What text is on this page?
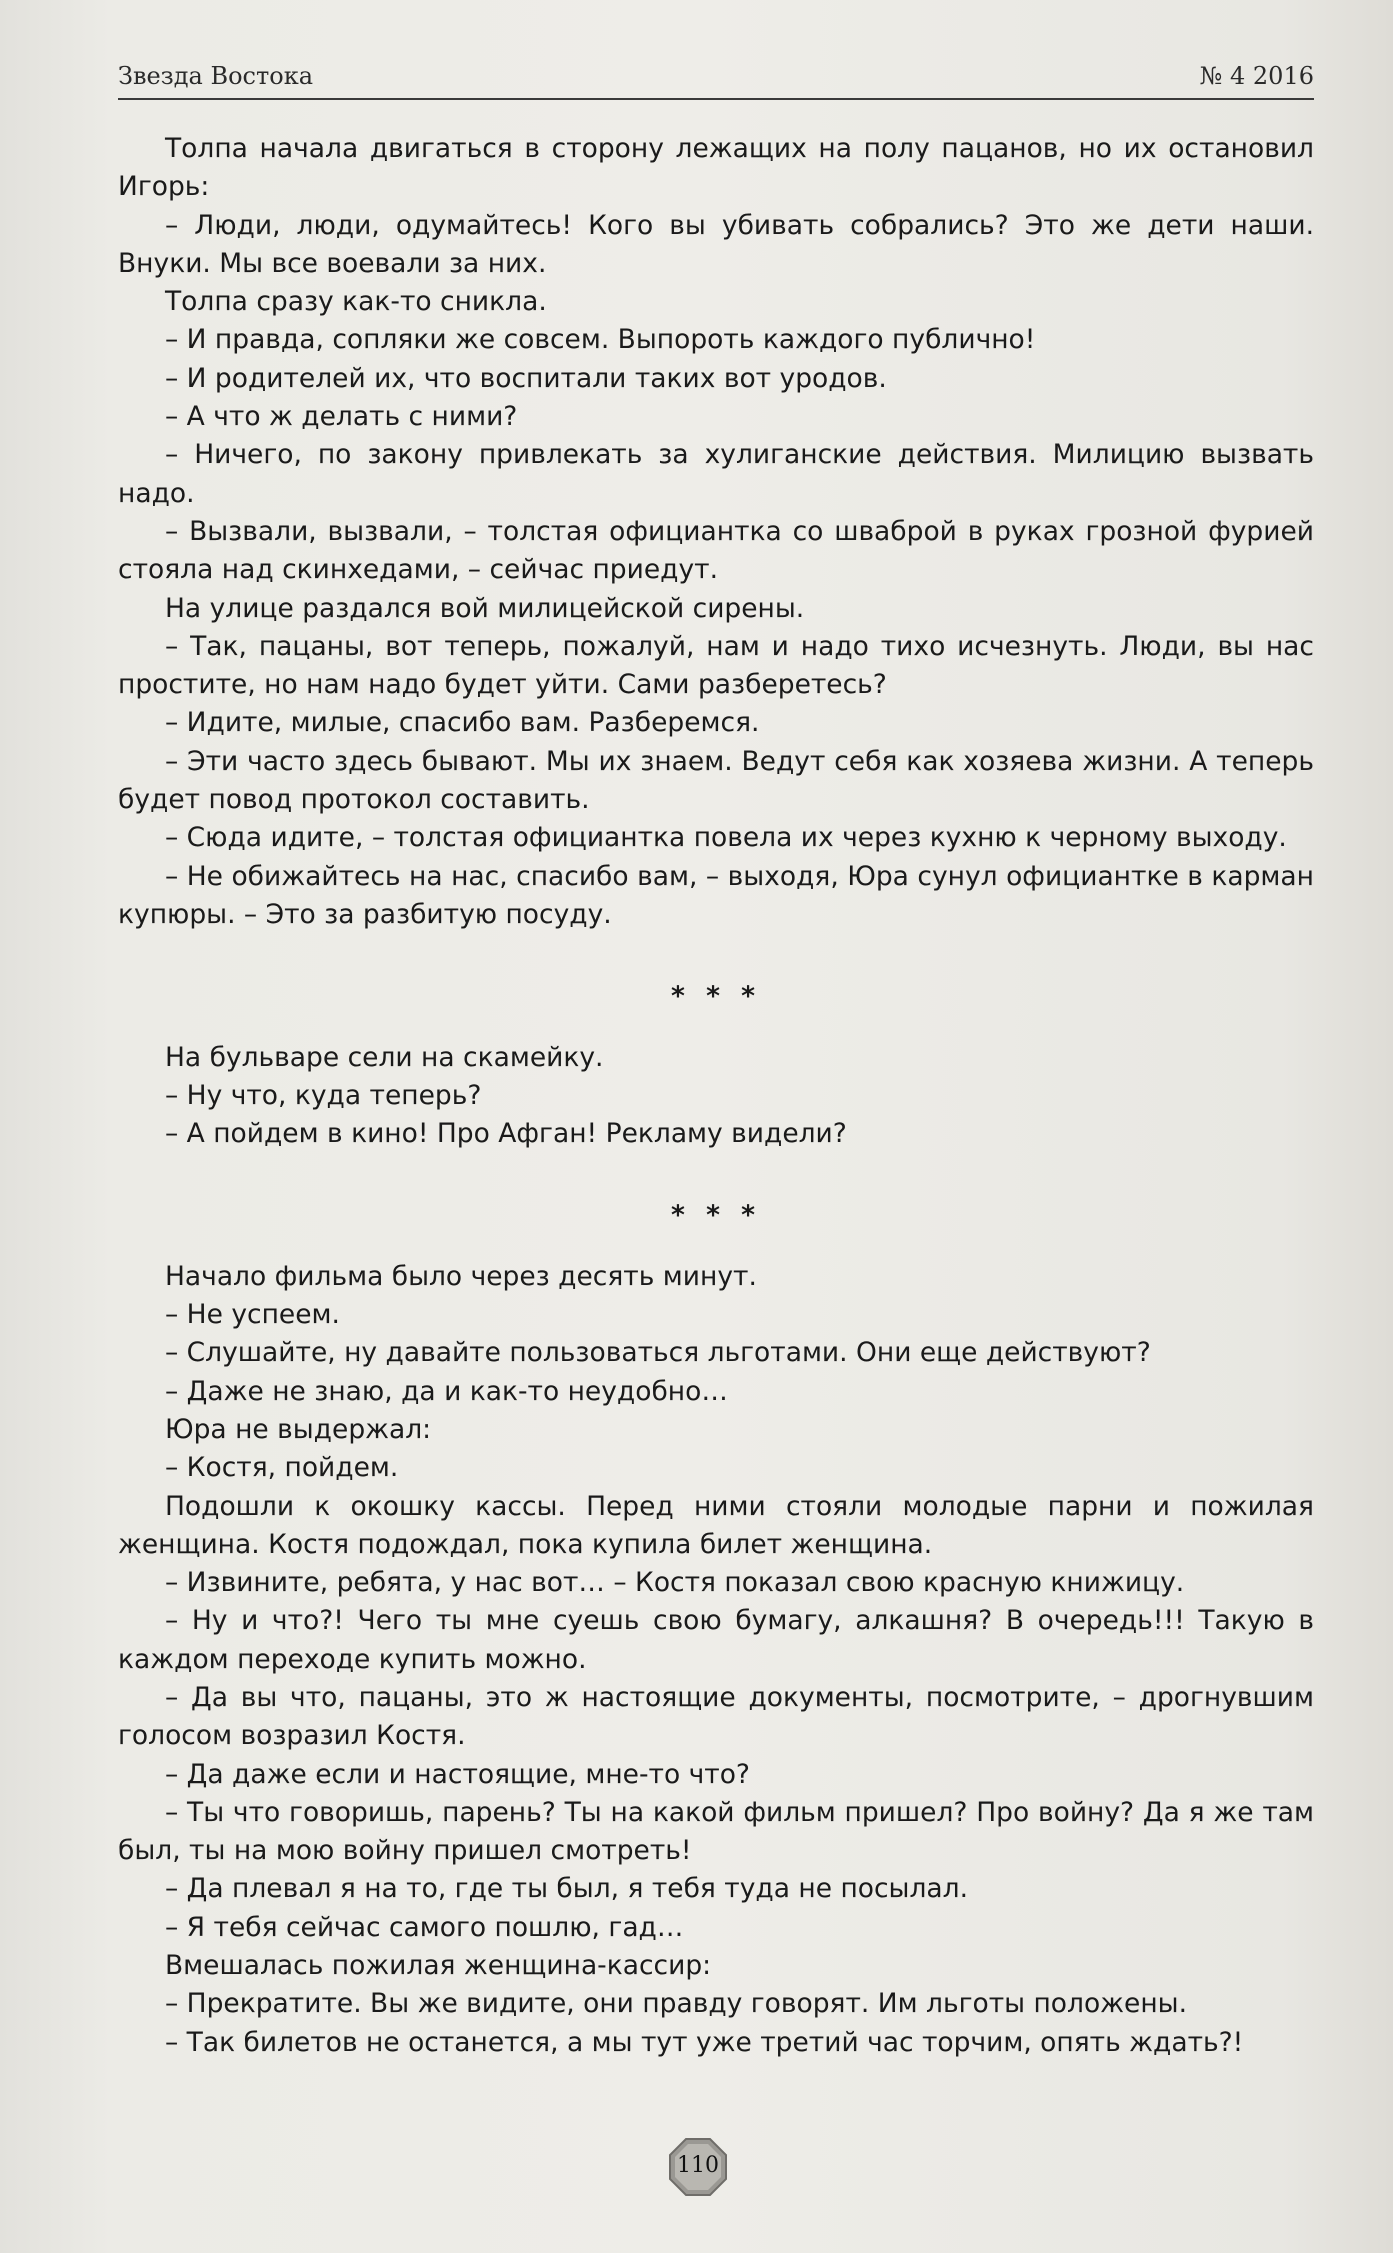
Звезда Востока	№ 4 2016

Толпа начала двигаться в сторону лежащих на полу пацанов, но их остановил Игорь:

– Люди, люди, одумайтесь! Кого вы убивать собрались? Это же дети наши. Внуки. Мы все воевали за них.

Толпа сразу как-то сникла.

– И правда, сопляки же совсем. Выпороть каждого публично!

– И родителей их, что воспитали таких вот уродов.

– А что ж делать с ними?

– Ничего, по закону привлекать за хулиганские действия. Милицию вызвать надо.

– Вызвали, вызвали, – толстая официантка со шваброй в руках грозной фурией стояла над скинхедами, – сейчас приедут.

На улице раздался вой милицейской сирены.

– Так, пацаны, вот теперь, пожалуй, нам и надо тихо исчезнуть. Люди, вы нас простите, но нам надо будет уйти. Сами разберетесь?

– Идите, милые, спасибо вам. Разберемся.

– Эти часто здесь бывают. Мы их знаем. Ведут себя как хозяева жизни. А теперь будет повод протокол составить.

– Сюда идите, – толстая официантка повела их через кухню к черному выходу.

– Не обижайтесь на нас, спасибо вам, – выходя, Юра сунул официантке в карман купюры. – Это за разбитую посуду.

* * *

На бульваре сели на скамейку.

– Ну что, куда теперь?

– А пойдем в кино! Про Афган! Рекламу видели?

* * *

Начало фильма было через десять минут.

– Не успеем.

– Слушайте, ну давайте пользоваться льготами. Они еще действуют?

– Даже не знаю, да и как-то неудобно…

Юра не выдержал:

– Костя, пойдем.

Подошли к окошку кассы. Перед ними стояли молодые парни и пожилая женщина. Костя подождал, пока купила билет женщина.

– Извините, ребята, у нас вот… – Костя показал свою красную книжицу.

– Ну и что?! Чего ты мне суешь свою бумагу, алкашня? В очередь!!! Такую в каждом переходе купить можно.

– Да вы что, пацаны, это ж настоящие документы, посмотрите, – дрогнувшим голосом возразил Костя.

– Да даже если и настоящие, мне-то что?

– Ты что говоришь, парень? Ты на какой фильм пришел? Про войну? Да я же там был, ты на мою войну пришел смотреть!

– Да плевал я на то, где ты был, я тебя туда не посылал.

– Я тебя сейчас самого пошлю, гад…

Вмешалась пожилая женщина-кассир:

– Прекратите. Вы же видите, они правду говорят. Им льготы положены.

– Так билетов не останется, а мы тут уже третий час торчим, опять ждать?!

110
